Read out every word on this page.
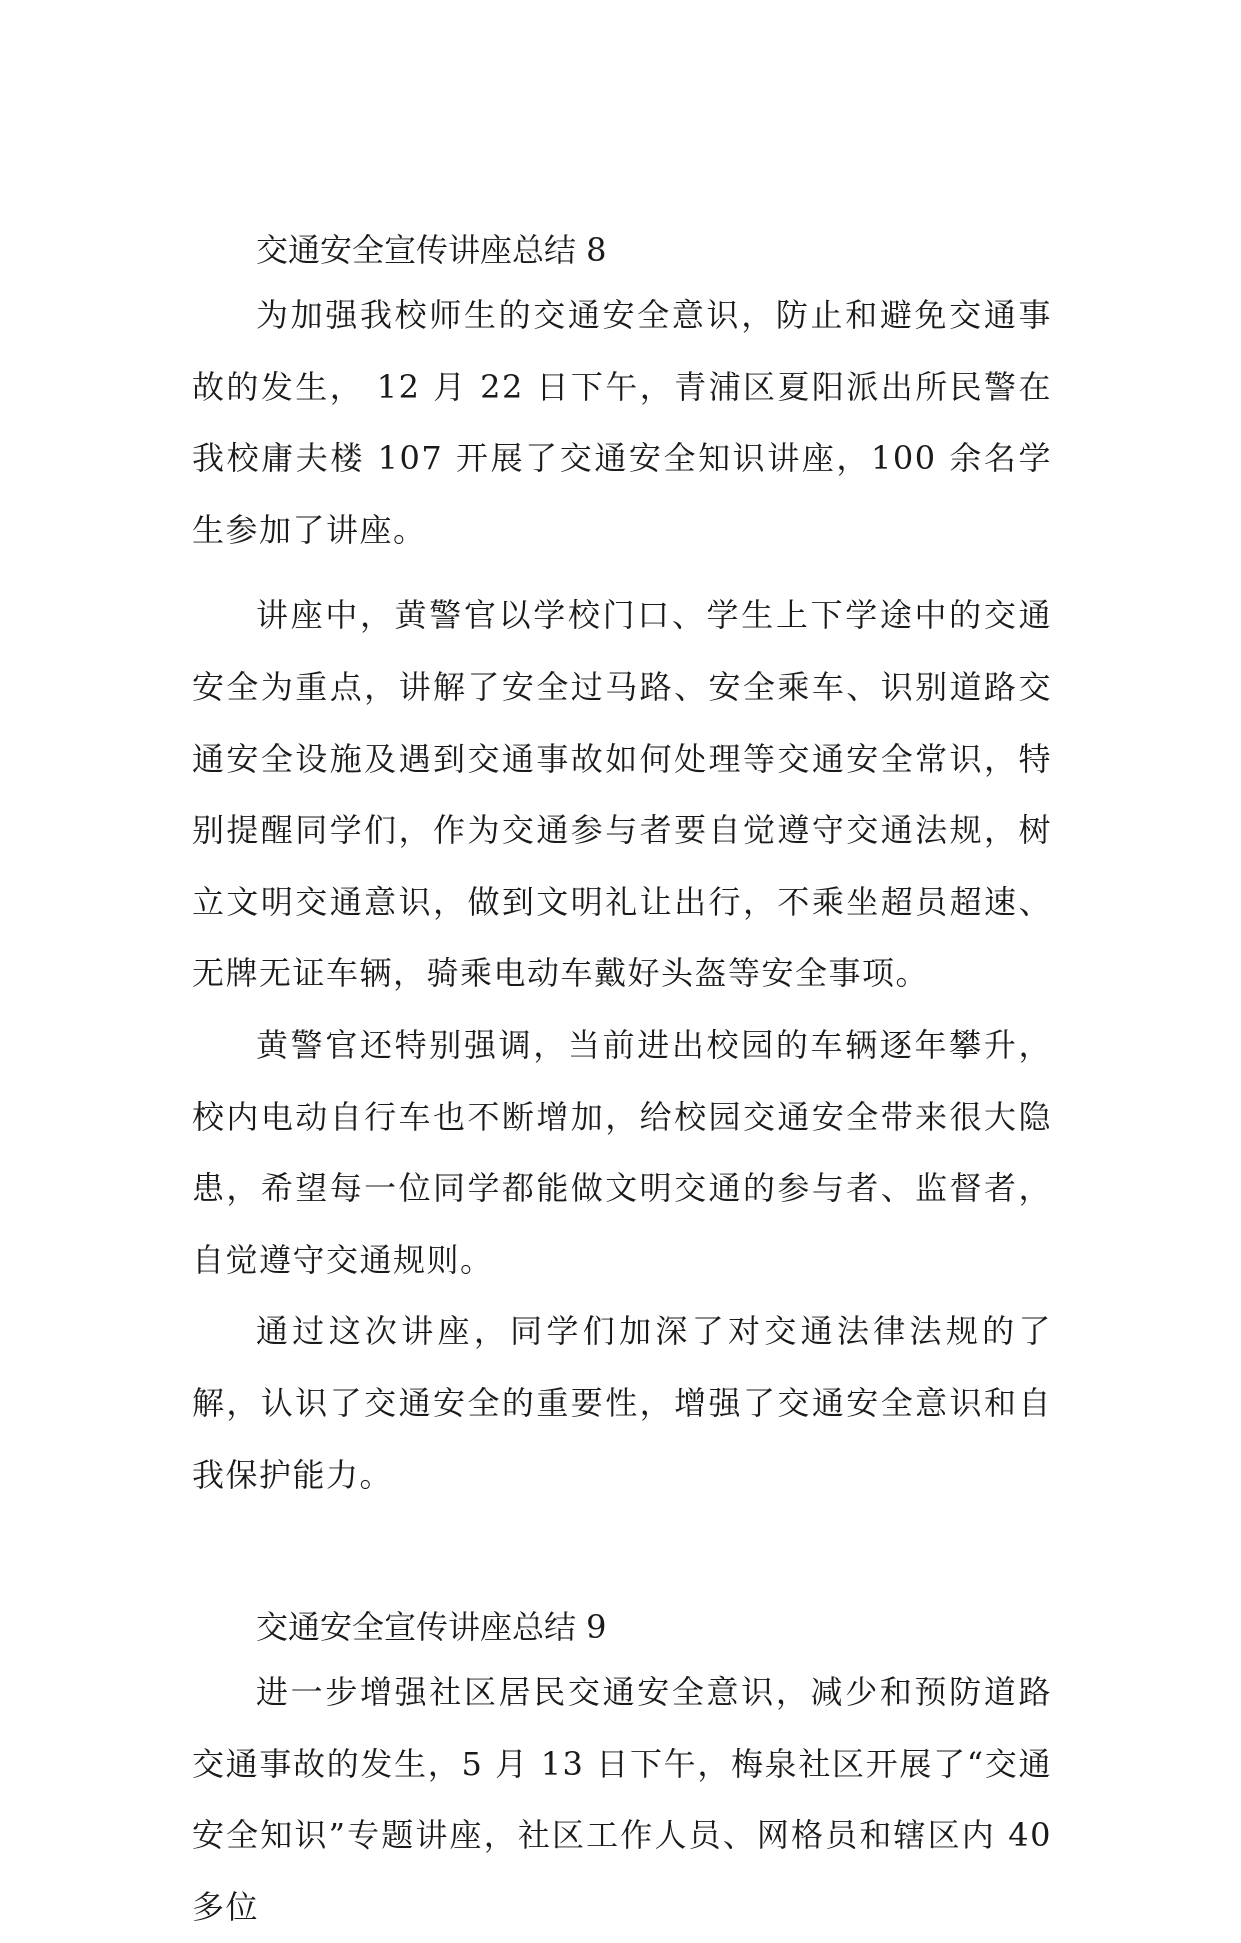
交通安全宣传讲座总结 8

为加强我校师生的交通安全意识，防止和避免交通事故的发生， 12 月 22 日下午，青浦区夏阳派出所民警在我校庸夫楼 107 开展了交通安全知识讲座，100 余名学生参加了讲座。

讲座中，黄警官以学校门口、学生上下学途中的交通安全为重点，讲解了安全过马路、安全乘车、识别道路交通安全设施及遇到交通事故如何处理等交通安全常识，特别提醒同学们，作为交通参与者要自觉遵守交通法规，树立文明交通意识，做到文明礼让出行，不乘坐超员超速、无牌无证车辆，骑乘电动车戴好头盔等安全事项。

黄警官还特别强调，当前进出校园的车辆逐年攀升，校内电动自行车也不断增加，给校园交通安全带来很大隐患，希望每一位同学都能做文明交通的参与者、监督者，自觉遵守交通规则。

通过这次讲座，同学们加深了对交通法律法规的了解，认识了交通安全的重要性，增强了交通安全意识和自我保护能力。

交通安全宣传讲座总结 9

进一步增强社区居民交通安全意识，减少和预防道路交通事故的发生，5 月 13 日下午，梅泉社区开展了“交通安全知识”专题讲座，社区工作人员、网格员和辖区内 40 多位
